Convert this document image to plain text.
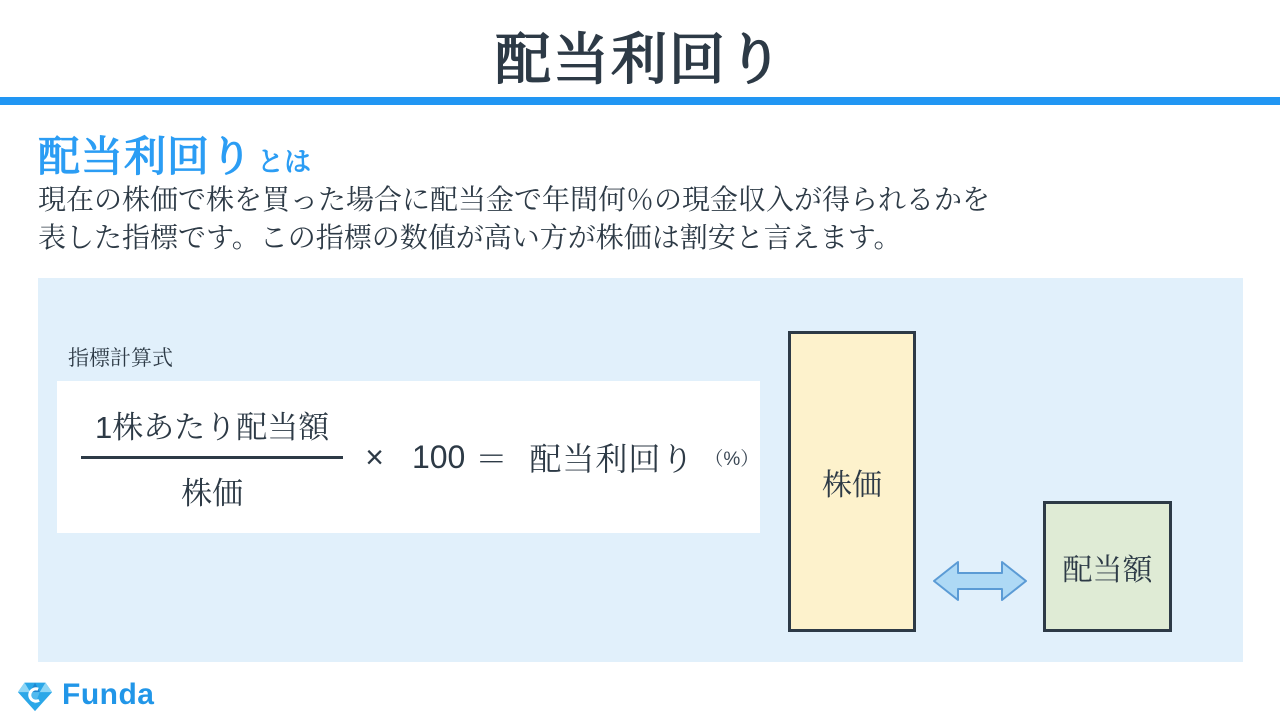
配当利回り
配当利回り とは
現在の株価で株を買った場合に配当金で年間何％の現金収入が得られるかを
表した指標です。この指標の数値が高い方が株価は割安と言えます。
指標計算式
$\frac{\text{1株あたり配当額}}{\text{株価}} \times 100$ ＝ 配当利回り （%）
株価
配当額
Funda
